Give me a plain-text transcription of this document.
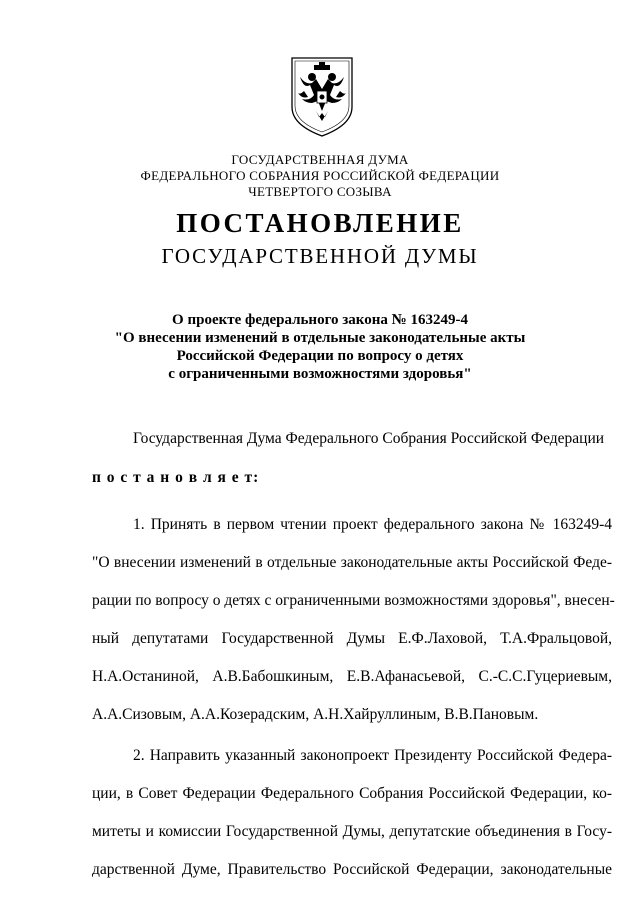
ГОСУДАРСТВЕННАЯ ДУМА
ФЕДЕРАЛЬНОГО СОБРАНИЯ РОССИЙСКОЙ ФЕДЕРАЦИИ
ЧЕТВЕРТОГО СОЗЫВА
ПОСТАНОВЛЕНИЕ
ГОСУДАРСТВЕННОЙ ДУМЫ
О проекте федерального закона № 163249-4
"О внесении изменений в отдельные законодательные акты
Российской Федерации по вопросу о детях
с ограниченными возможностями здоровья"
Государственная Дума Федерального Собрания Российской Федерации
п о с т а н о в л я е т:
1. Принять в первом чтении проект федерального закона № 163249-4
"О внесении изменений в отдельные законодательные акты Российской Феде-
рации по вопросу о детях с ограниченными возможностями здоровья", внесен-
ный депутатами Государственной Думы Е.Ф.Лаховой, Т.А.Фральцовой,
Н.А.Останиной, А.В.Бабошкиным, Е.В.Афанасьевой, С.-С.С.Гуцериевым,
А.А.Сизовым, А.А.Козерадским, А.Н.Хайруллиным, В.В.Пановым.
2. Направить указанный законопроект Президенту Российской Федера-
ции, в Совет Федерации Федерального Собрания Российской Федерации, ко-
митеты и комиссии Государственной Думы, депутатские объединения в Госу-
дарственной Думе, Правительство Российской Федерации, законодательные
